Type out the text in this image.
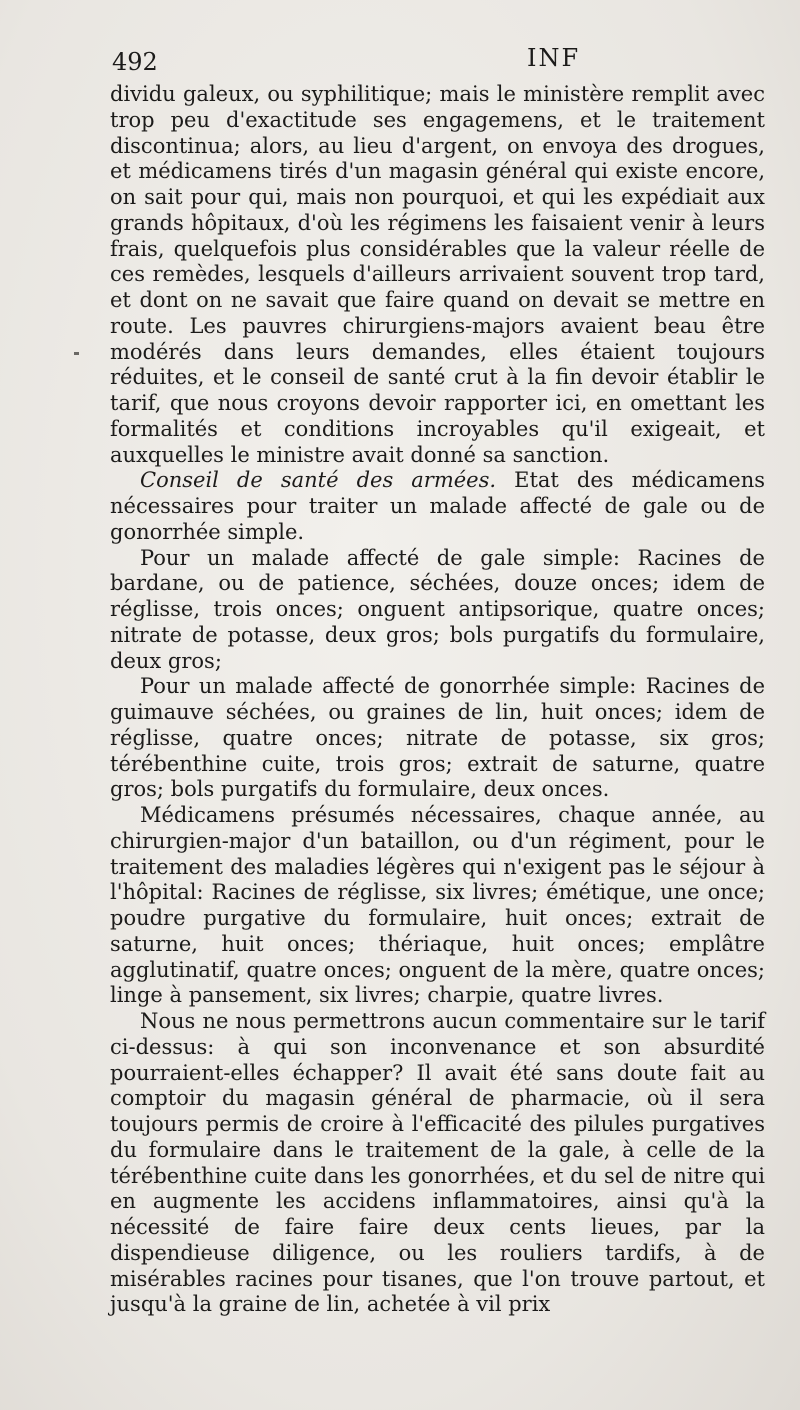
492	INF

dividu galeux, ou syphilitique; mais le ministère remplit avec trop peu d'exactitude ses engagemens, et le traitement discontinua; alors, au lieu d'argent, on envoya des drogues, et médicamens tirés d'un magasin général qui existe encore, on sait pour qui, mais non pourquoi, et qui les expédiait aux grands hôpitaux, d'où les régimens les faisaient venir à leurs frais, quelquefois plus considérables que la valeur réelle de ces remèdes, lesquels d'ailleurs arrivaient souvent trop tard, et dont on ne savait que faire quand on devait se mettre en route. Les pauvres chirurgiens-majors avaient beau être modérés dans leurs demandes, elles étaient toujours réduites, et le conseil de santé crut à la fin devoir établir le tarif, que nous croyons devoir rapporter ici, en omettant les formalités et conditions incroyables qu'il exigeait, et auxquelles le ministre avait donné sa sanction.

Conseil de santé des armées. Etat des médicamens nécessaires pour traiter un malade affecté de gale ou de gonorrhée simple.

Pour un malade affecté de gale simple: Racines de bardane, ou de patience, séchées, douze onces; idem de réglisse, trois onces; onguent antipsorique, quatre onces; nitrate de potasse, deux gros; bols purgatifs du formulaire, deux gros;

Pour un malade affecté de gonorrhée simple: Racines de guimauve séchées, ou graines de lin, huit onces; idem de réglisse, quatre onces; nitrate de potasse, six gros; térébenthine cuite, trois gros; extrait de saturne, quatre gros; bols purgatifs du formulaire, deux onces.

Médicamens présumés nécessaires, chaque année, au chirurgien-major d'un bataillon, ou d'un régiment, pour le traitement des maladies légères qui n'exigent pas le séjour à l'hôpital: Racines de réglisse, six livres; émétique, une once; poudre purgative du formulaire, huit onces; extrait de saturne, huit onces; thériaque, huit onces; emplâtre agglutinatif, quatre onces; onguent de la mère, quatre onces; linge à pansement, six livres; charpie, quatre livres.

Nous ne nous permettrons aucun commentaire sur le tarif ci-dessus: à qui son inconvenance et son absurdité pourraient-elles échapper? Il avait été sans doute fait au comptoir du magasin général de pharmacie, où il sera toujours permis de croire à l'efficacité des pilules purgatives du formulaire dans le traitement de la gale, à celle de la térébenthine cuite dans les gonorrhées, et du sel de nitre qui en augmente les accidens inflammatoires, ainsi qu'à la nécessité de faire faire deux cents lieues, par la dispendieuse diligence, ou les rouliers tardifs, à de misérables racines pour tisanes, que l'on trouve partout, et jusqu'à la graine de lin, achetée à vil prix
